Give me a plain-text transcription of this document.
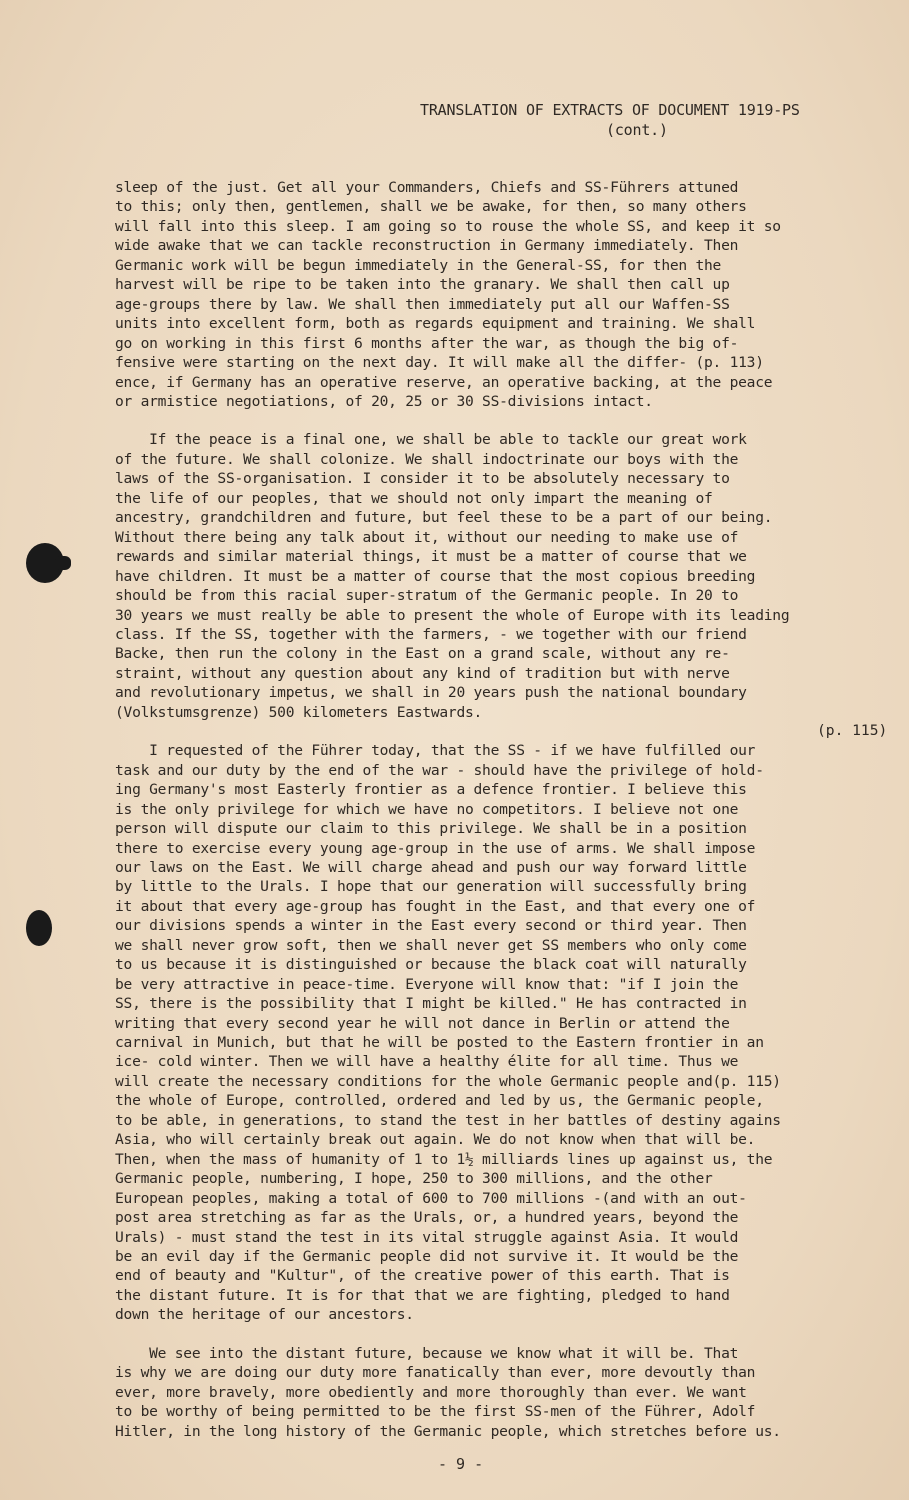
TRANSLATION OF EXTRACTS OF DOCUMENT 1919-PS
(cont.)
sleep of the just. Get all your Commanders, Chiefs and SS-Führers attuned
to this; only then, gentlemen, shall we be awake, for then, so many others
will fall into this sleep. I am going so to rouse the whole SS, and keep it so
wide awake that we can tackle reconstruction in Germany immediately. Then
Germanic work will be begun immediately in the General-SS, for then the
harvest will be ripe to be taken into the granary. We shall then call up
age-groups there by law. We shall then immediately put all our Waffen-SS
units into excellent form, both as regards equipment and training. We shall
go on working in this first 6 months after the war, as though the big of-
fensive were starting on the next day. It will make all the differ- (p. 113)
ence, if Germany has an operative reserve, an operative backing, at the peace
or armistice negotiations, of 20, 25 or 30 SS-divisions intact.
If the peace is a final one, we shall be able to tackle our great work
of the future. We shall colonize. We shall indoctrinate our boys with the
laws of the SS-organisation. I consider it to be absolutely necessary to
the life of our peoples, that we should not only impart the meaning of
ancestry, grandchildren and future, but feel these to be a part of our being.
Without there being any talk about it, without our needing to make use of
rewards and similar material things, it must be a matter of course that we
have children. It must be a matter of course that the most copious breeding
should be from this racial super-stratum of the Germanic people. In 20 to
30 years we must really be able to present the whole of Europe with its leading
class. If the SS, together with the farmers, - we together with our friend
Backe, then run the colony in the East on a grand scale, without any re-
straint, without any question about any kind of tradition but with nerve
and revolutionary impetus, we shall in 20 years push the national boundary
(Volkstumsgrenze) 500 kilometers Eastwards.
I requested of the Führer today, that the SS - if we have fulfilled our
task and our duty by the end of the war - should have the privilege of hold-
ing Germany's most Easterly frontier as a defence frontier. I believe this
is the only privilege for which we have no competitors. I believe not one
person will dispute our claim to this privilege. We shall be in a position
there to exercise every young age-group in the use of arms. We shall impose
our laws on the East. We will charge ahead and push our way forward little
by little to the Urals. I hope that our generation will successfully bring
it about that every age-group has fought in the East, and that every one of
our divisions spends a winter in the East every second or third year. Then
we shall never grow soft, then we shall never get SS members who only come
to us because it is distinguished or because the black coat will naturally
be very attractive in peace-time. Everyone will know that: "if I join the
SS, there is the possibility that I might be killed." He has contracted in
writing that every second year he will not dance in Berlin or attend the
carnival in Munich, but that he will be posted to the Eastern frontier in an
ice- cold winter. Then we will have a healthy élite for all time. Thus we
will create the necessary conditions for the whole Germanic people and(p. 115)
the whole of Europe, controlled, ordered and led by us, the Germanic people,
to be able, in generations, to stand the test in her battles of destiny agains
Asia, who will certainly break out again. We do not know when that will be.
Then, when the mass of humanity of 1 to 1½ milliards lines up against us, the
Germanic people, numbering, I hope, 250 to 300 millions, and the other
European peoples, making a total of 600 to 700 millions -(and with an out-
post area stretching as far as the Urals, or, a hundred years, beyond the
Urals) - must stand the test in its vital struggle against Asia. It would
be an evil day if the Germanic people did not survive it. It would be the
end of beauty and "Kultur", of the creative power of this earth. That is
the distant future. It is for that that we are fighting, pledged to hand
down the heritage of our ancestors.
We see into the distant future, because we know what it will be. That
is why we are doing our duty more fanatically than ever, more devoutly than
ever, more bravely, more obediently and more thoroughly than ever. We want
to be worthy of being permitted to be the first SS-men of the Führer, Adolf
Hitler, in the long history of the Germanic people, which stretches before us.
(p. 115)
- 9 -
